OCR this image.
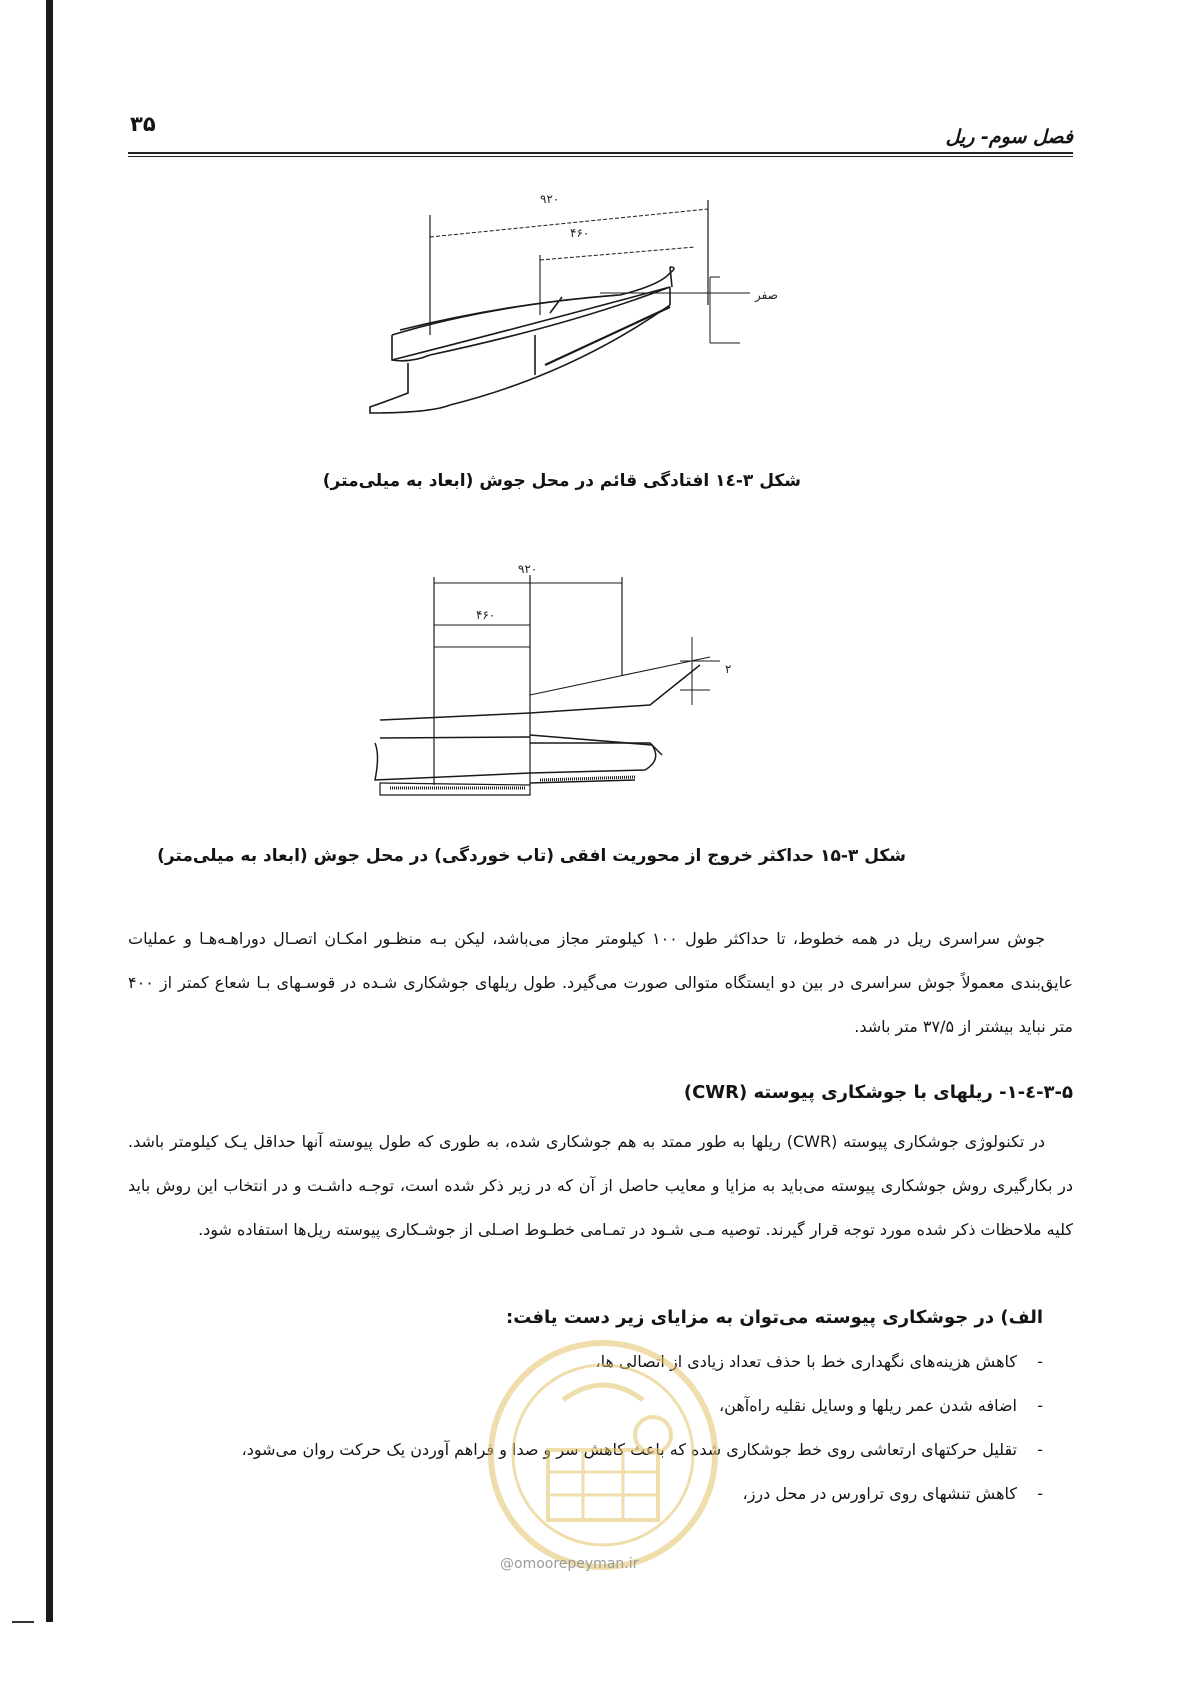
۳۵
فصل سوم- ریل
۹۲۰
۴۶۰
صفر
شکل ۳-۱٤ افتادگی قائم در محل جوش (ابعاد به میلی‌متر)
۹۲۰
۴۶۰
۲
شکل ۳-۱۵ حداکثر خروج از محوریت افقی (تاب خوردگی) در محل جوش (ابعاد به میلی‌متر)
جوش سراسری ریل در همه خطوط، تا حداکثر طول ۱۰۰ کیلومتر مجاز می‌باشد، لیکن بـه منظـور امکـان اتصـال دوراهـه‌هـا و عملیات عایق‌بندی معمولاً جوش سراسری در بین دو ایستگاه متوالی صورت می‌گیرد. طول ریلهای جوشکاری شـده در قوسـهای بـا شعاع کمتر از ۴۰۰ متر نباید بیشتر از ۳۷/۵ متر باشد.
۳-۵-٤-۱- ریلهای با جوشکاری پیوسته (CWR)
در تکنولوژی جوشکاری پیوسته (CWR) ریلها به طور ممتد به هم جوشکاری شده، به طوری که طول پیوسته آنها حداقل یـک کیلومتر باشد. در بکارگیری روش جوشکاری پیوسته می‌باید به مزایا و معایب حاصل از آن که در زیر ذکر شده است، توجـه داشـت و در انتخاب این روش باید کلیه ملاحظات ذکر شده مورد توجه قرار گیرند. توصیه مـی شـود در تمـامی خطـوط اصـلی از جوشـکاری پیوسته ریل‌ها استفاده شود.
الف) در جوشکاری پیوسته می‌توان به مزایای زیر دست یافت:
-کاهش هزینه‌های نگهداری خط با حذف تعداد زیادی از اتصالی ها،
-اضافه شدن عمر ریلها و وسایل نقلیه راه‌آهن،
-تقلیل حرکتهای ارتعاشی روی خط جوشکاری شده که باعث کاهش سر و صدا و فراهم آوردن یک حرکت روان می‌شود،
-کاهش تنشهای روی تراورس در محل درز،
@omoorepeyman.ir
